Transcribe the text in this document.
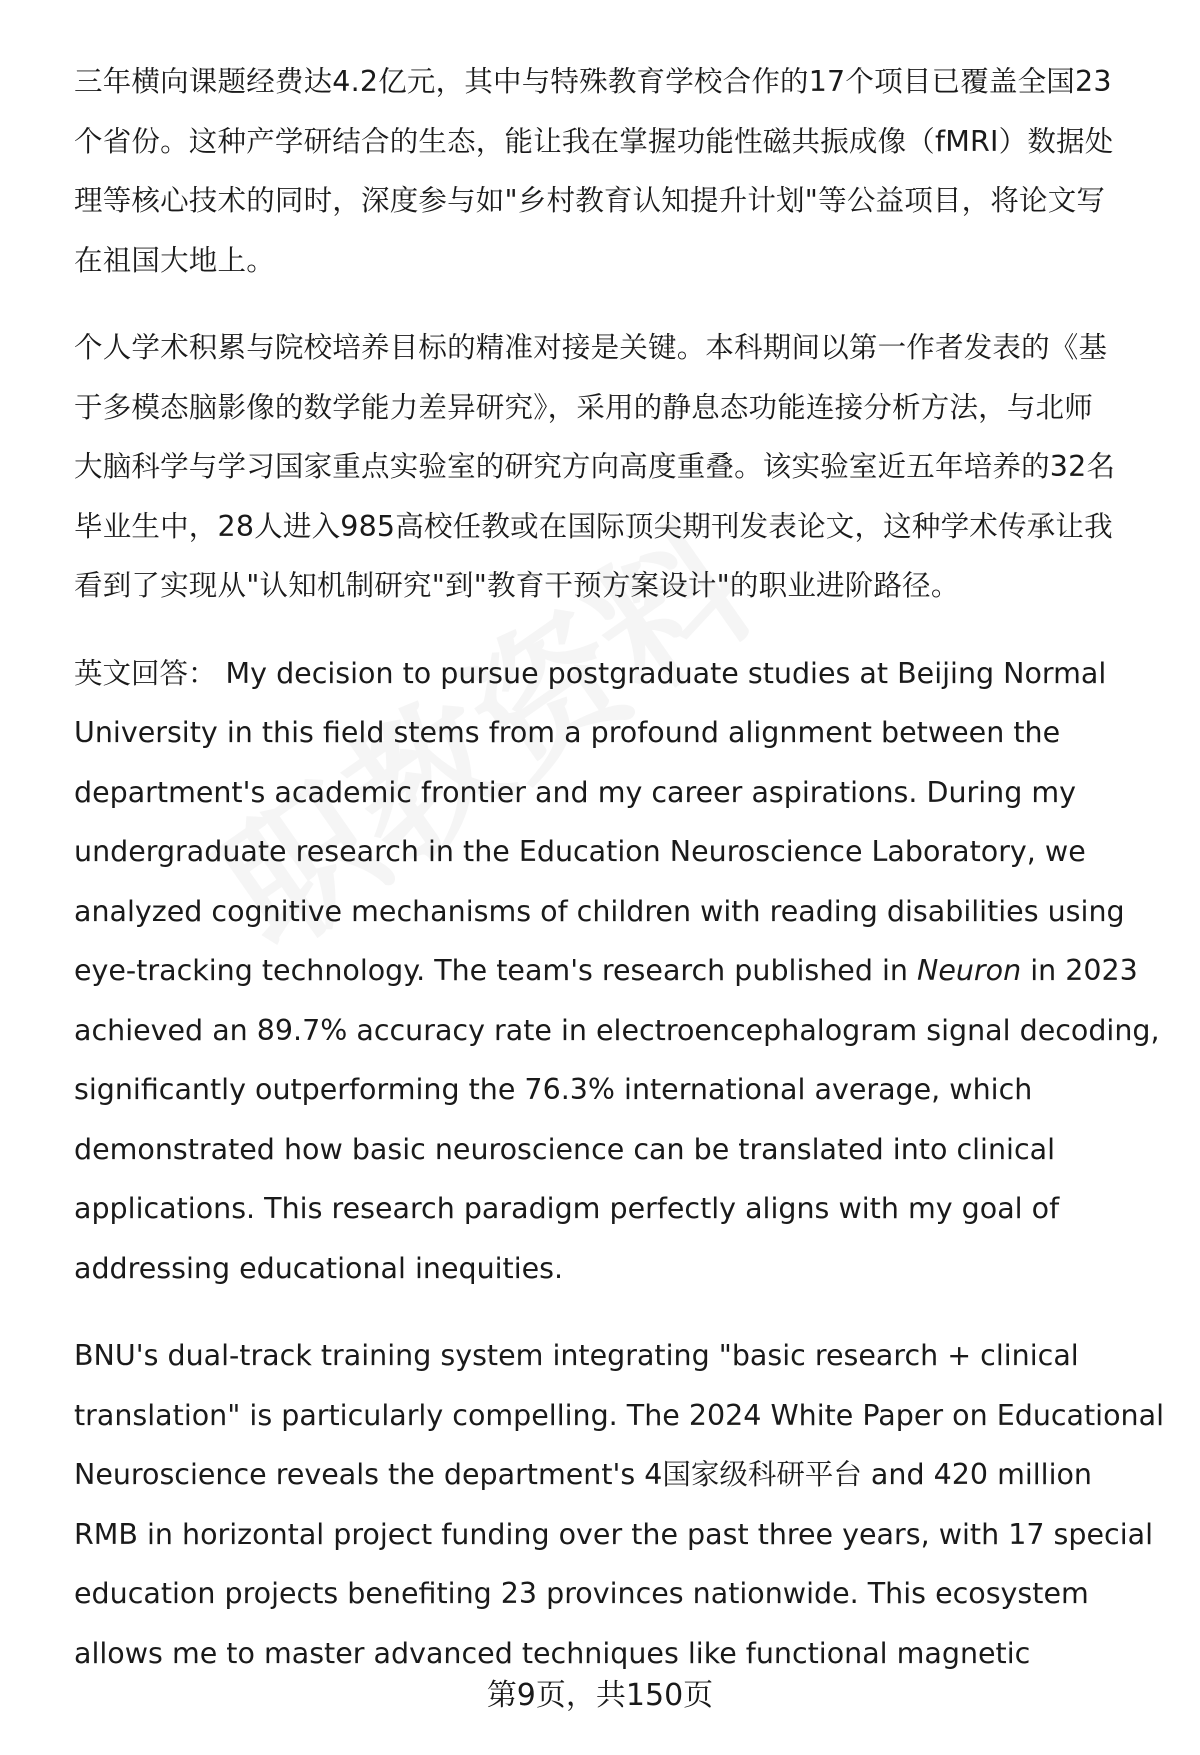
三年横向课题经费达4.2亿元，其中与特殊教育学校合作的17个项目已覆盖全国23
个省份。这种产学研结合的生态，能让我在掌握功能性磁共振成像（fMRI）数据处
理等核心技术的同时，深度参与如"乡村教育认知提升计划"等公益项目，将论文写
在祖国大地上。

个人学术积累与院校培养目标的精准对接是关键。本科期间以第一作者发表的《基
于多模态脑影像的数学能力差异研究》，采用的静息态功能连接分析方法，与北师
大脑科学与学习国家重点实验室的研究方向高度重叠。该实验室近五年培养的32名
毕业生中，28人进入985高校任教或在国际顶尖期刊发表论文，这种学术传承让我
看到了实现从"认知机制研究"到"教育干预方案设计"的职业进阶路径。

英文回答： My decision to pursue postgraduate studies at Beijing Normal
University in this field stems from a profound alignment between the
department's academic frontier and my career aspirations. During my
undergraduate research in the Education Neuroscience Laboratory, we
analyzed cognitive mechanisms of children with reading disabilities using
eye-tracking technology. The team's research published in Neuron in 2023
achieved an 89.7% accuracy rate in electroencephalogram signal decoding,
significantly outperforming the 76.3% international average, which
demonstrated how basic neuroscience can be translated into clinical
applications. This research paradigm perfectly aligns with my goal of
addressing educational inequities.

BNU's dual-track training system integrating "basic research + clinical
translation" is particularly compelling. The 2024 White Paper on Educational
Neuroscience reveals the department's 4国家级科研平台 and 420 million
RMB in horizontal project funding over the past three years, with 17 special
education projects benefiting 23 provinces nationwide. This ecosystem
allows me to master advanced techniques like functional magnetic

第9页，共150页
